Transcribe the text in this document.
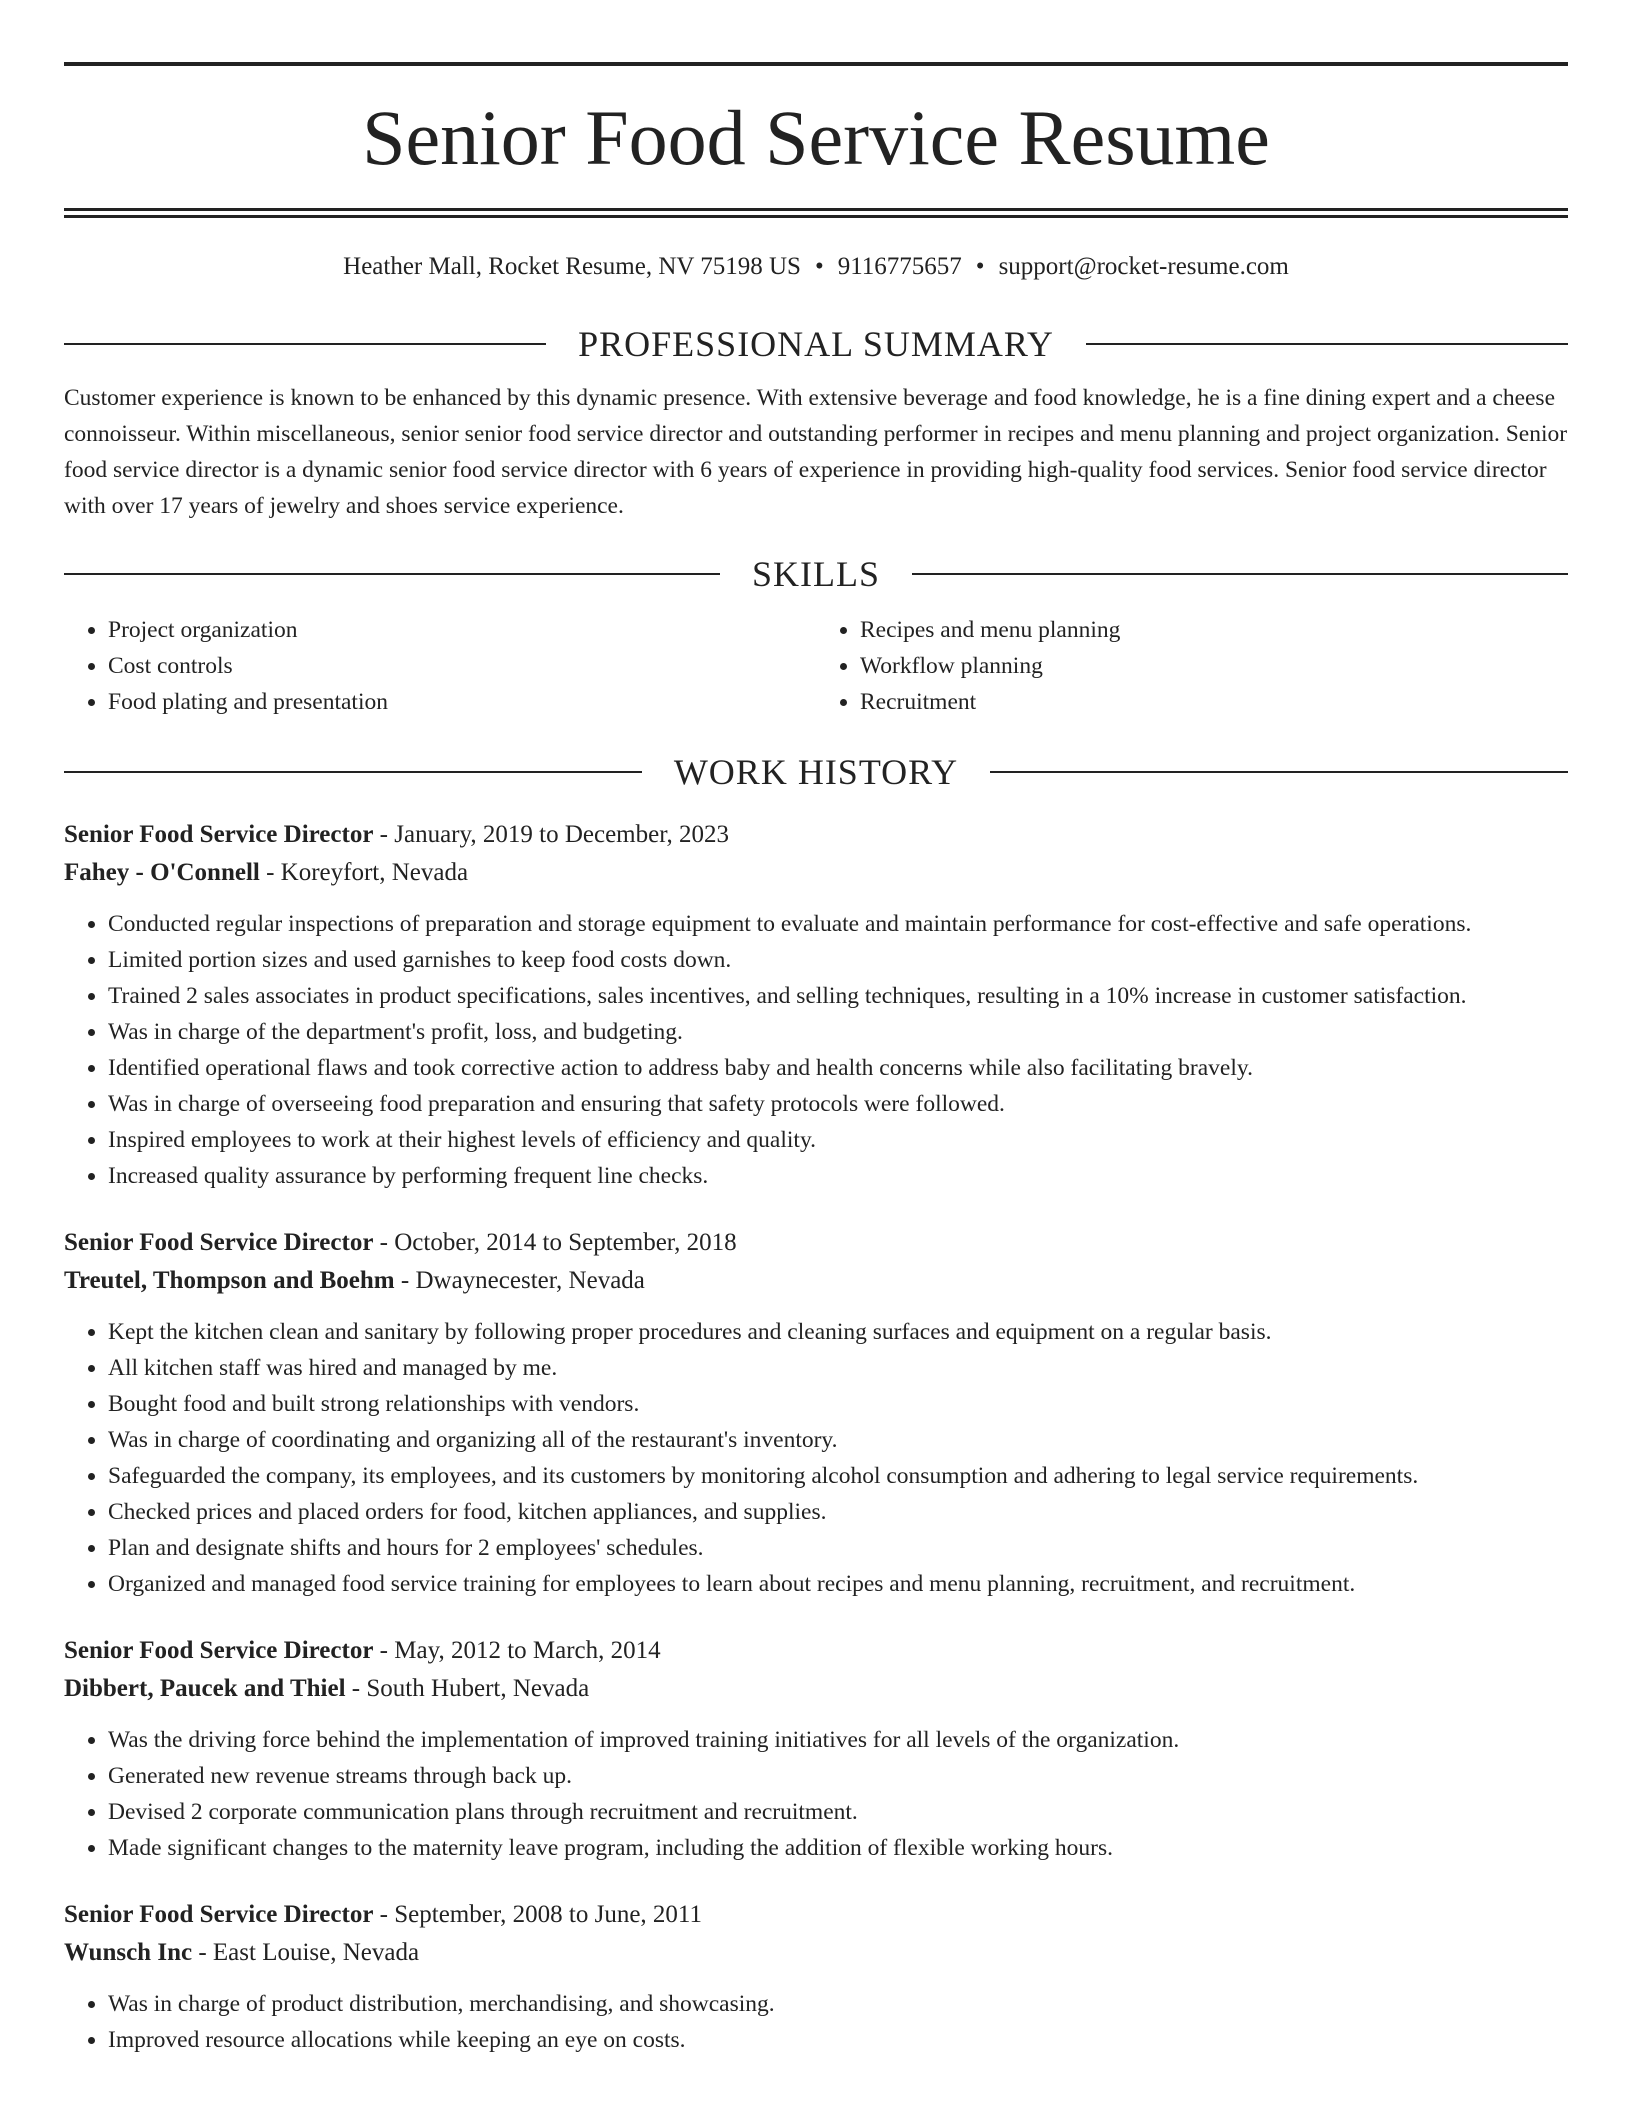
Senior Food Service Resume
Heather Mall, Rocket Resume, NV 75198 US • 9116775657 • support@rocket-resume.com
PROFESSIONAL SUMMARY
Customer experience is known to be enhanced by this dynamic presence. With extensive beverage and food knowledge, he is a fine dining expert and a cheese connoisseur. Within miscellaneous, senior senior food service director and outstanding performer in recipes and menu planning and project organization. Senior food service director is a dynamic senior food service director with 6 years of experience in providing high-quality food services. Senior food service director with over 17 years of jewelry and shoes service experience.
SKILLS
• Project organization
• Cost controls
• Food plating and presentation
• Recipes and menu planning
• Workflow planning
• Recruitment
WORK HISTORY
Senior Food Service Director - January, 2019 to December, 2023
Fahey - O'Connell - Koreyfort, Nevada
• Conducted regular inspections of preparation and storage equipment to evaluate and maintain performance for cost-effective and safe operations.
• Limited portion sizes and used garnishes to keep food costs down.
• Trained 2 sales associates in product specifications, sales incentives, and selling techniques, resulting in a 10% increase in customer satisfaction.
• Was in charge of the department's profit, loss, and budgeting.
• Identified operational flaws and took corrective action to address baby and health concerns while also facilitating bravely.
• Was in charge of overseeing food preparation and ensuring that safety protocols were followed.
• Inspired employees to work at their highest levels of efficiency and quality.
• Increased quality assurance by performing frequent line checks.
Senior Food Service Director - October, 2014 to September, 2018
Treutel, Thompson and Boehm - Dwaynecester, Nevada
• Kept the kitchen clean and sanitary by following proper procedures and cleaning surfaces and equipment on a regular basis.
• All kitchen staff was hired and managed by me.
• Bought food and built strong relationships with vendors.
• Was in charge of coordinating and organizing all of the restaurant's inventory.
• Safeguarded the company, its employees, and its customers by monitoring alcohol consumption and adhering to legal service requirements.
• Checked prices and placed orders for food, kitchen appliances, and supplies.
• Plan and designate shifts and hours for 2 employees' schedules.
• Organized and managed food service training for employees to learn about recipes and menu planning, recruitment, and recruitment.
Senior Food Service Director - May, 2012 to March, 2014
Dibbert, Paucek and Thiel - South Hubert, Nevada
• Was the driving force behind the implementation of improved training initiatives for all levels of the organization.
• Generated new revenue streams through back up.
• Devised 2 corporate communication plans through recruitment and recruitment.
• Made significant changes to the maternity leave program, including the addition of flexible working hours.
Senior Food Service Director - September, 2008 to June, 2011
Wunsch Inc - East Louise, Nevada
• Was in charge of product distribution, merchandising, and showcasing.
• Improved resource allocations while keeping an eye on costs.
